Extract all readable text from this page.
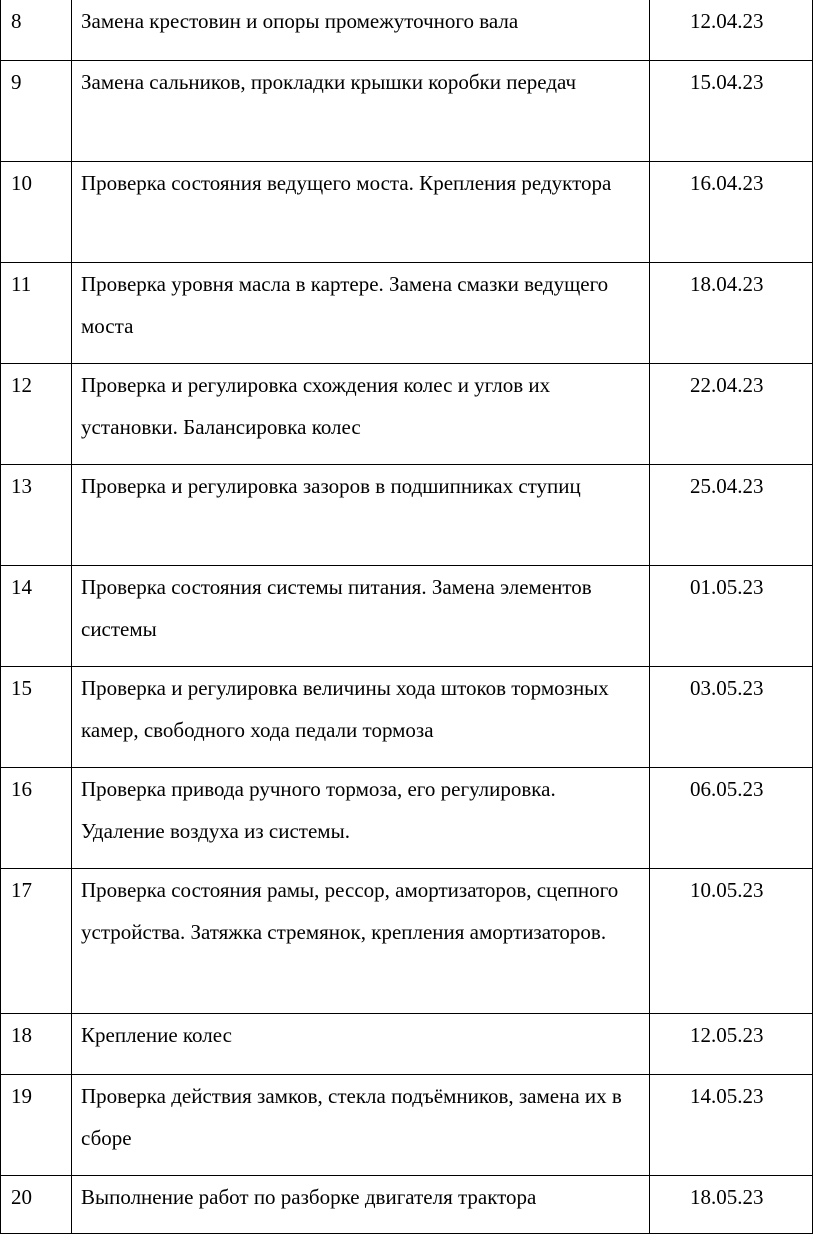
8	Замена крестовин и опоры промежуточного вала	12.04.23
9	Замена сальников, прокладки крышки коробки передач	15.04.23
10	Проверка состояния ведущего моста. Крепления редуктора	16.04.23
11	Проверка уровня масла в картере. Замена смазки ведущего моста	18.04.23
12	Проверка и регулировка схождения колес и углов их установки. Балансировка колес	22.04.23
13	Проверка и регулировка зазоров в подшипниках ступиц	25.04.23
14	Проверка состояния системы питания. Замена элементов системы	01.05.23
15	Проверка и регулировка величины хода штоков тормозных камер, свободного хода педали тормоза	03.05.23
16	Проверка привода ручного тормоза, его регулировка. Удаление воздуха из системы.	06.05.23
17	Проверка состояния рамы, рессор, амортизаторов, сцепного устройства. Затяжка стремянок, крепления амортизаторов.	10.05.23
18	Крепление колес	12.05.23
19	Проверка действия замков, стекла подъёмников, замена их в сборе	14.05.23
20	Выполнение работ по разборке двигателя трактора	18.05.23
